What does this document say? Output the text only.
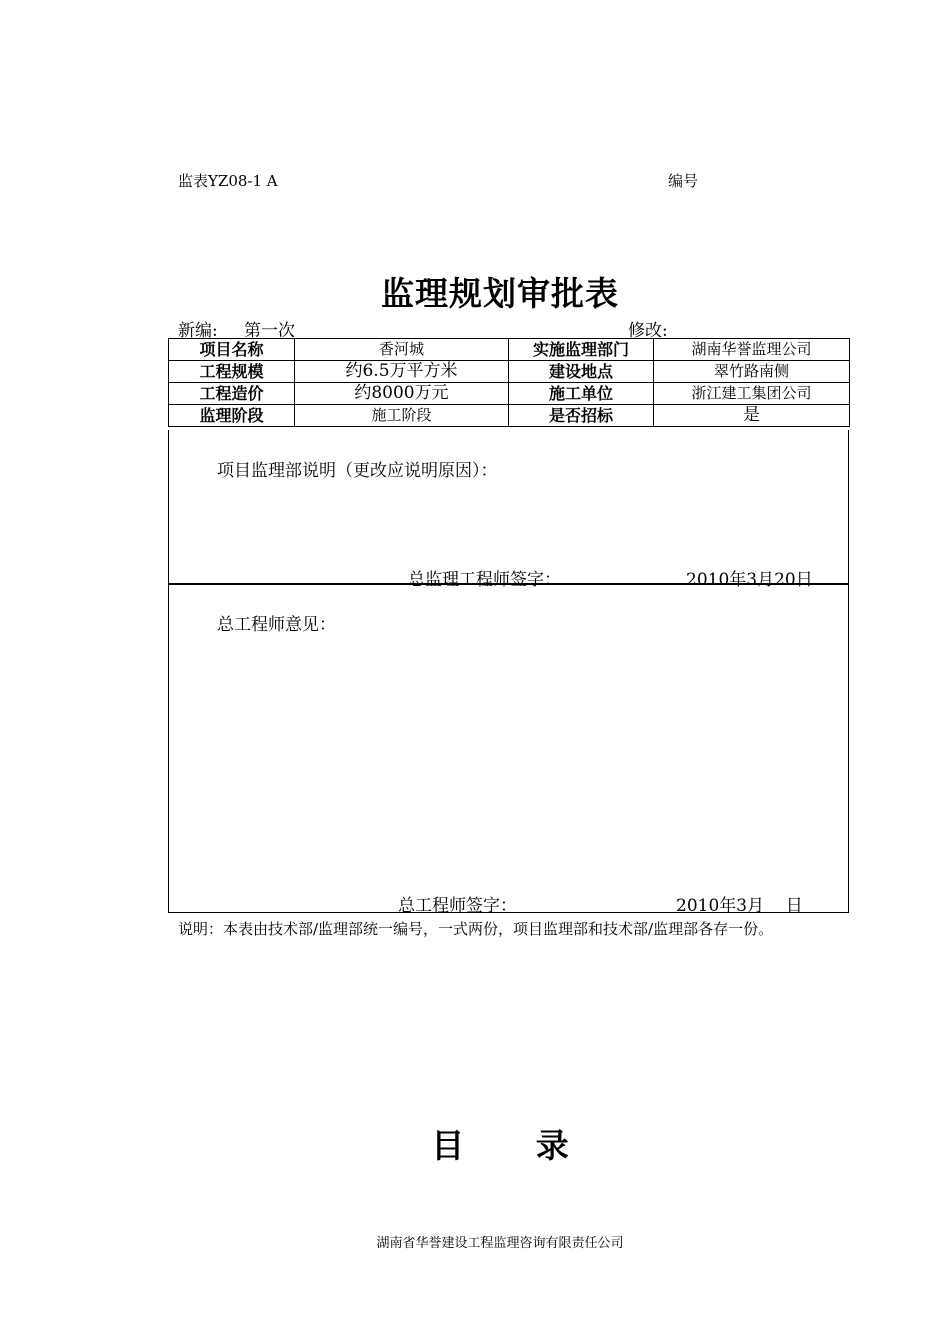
监表YZ08-1 A	编号
监理规划审批表
新编: 第一次	修改:
项目名称	香河城	实施监理部门	湖南华誉监理公司
工程规模	约6.5万平方米	建设地点	翠竹路南侧
工程造价	约8000万元	施工单位	浙江建工集团公司
监理阶段	施工阶段	是否招标	是
项目监理部说明（更改应说明原因）：
总监理工程师签字：	2010年3月20日
总工程师意见：
总工程师签字：	2010年3月    日
说明：本表由技术部/监理部统一编号，一式两份，项目监理部和技术部/监理部各存一份。
目 录
湖南省华誉建设工程监理咨询有限责任公司
